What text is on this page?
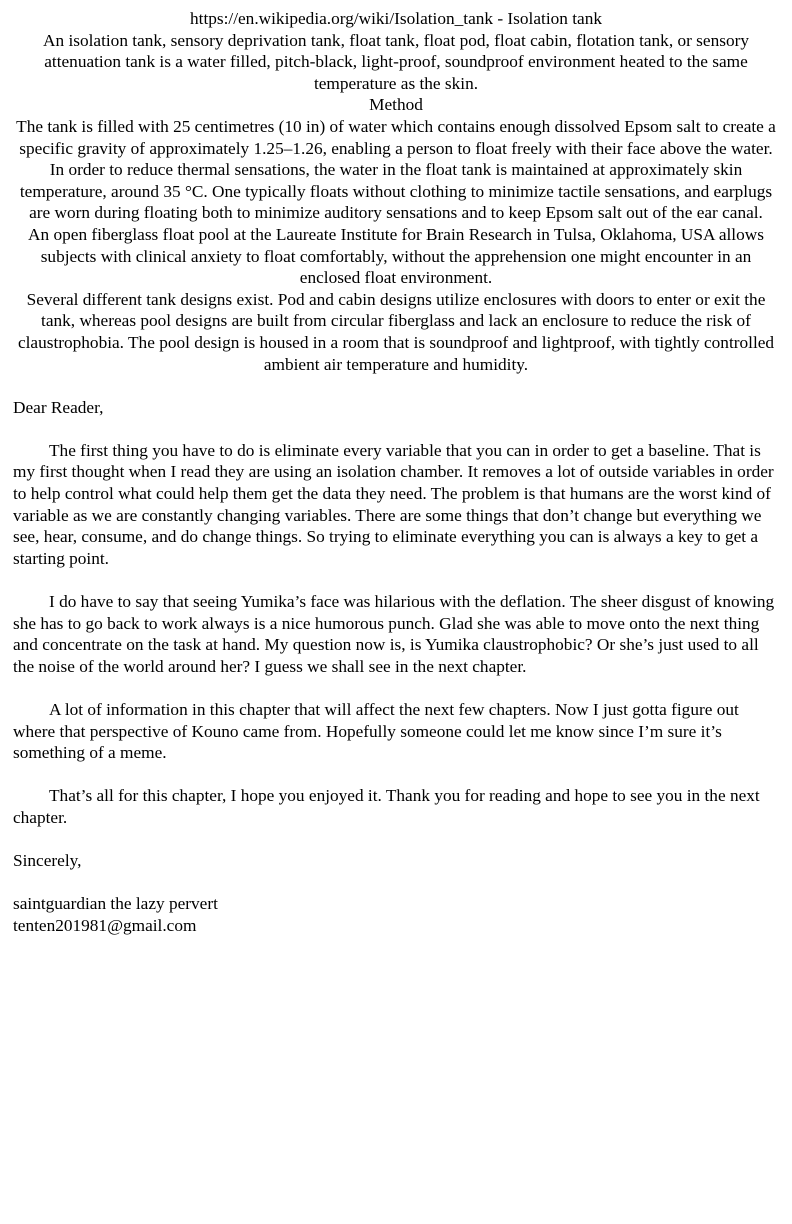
https://en.wikipedia.org/wiki/Isolation_tank - Isolation tank

An isolation tank, sensory deprivation tank, float tank, float pod, float cabin, flotation tank, or sensory attenuation tank is a water filled, pitch-black, light-proof, soundproof environment heated to the same temperature as the skin.

Method

The tank is filled with 25 centimetres (10 in) of water which contains enough dissolved Epsom salt to create a specific gravity of approximately 1.25–1.26, enabling a person to float freely with their face above the water. In order to reduce thermal sensations, the water in the float tank is maintained at approximately skin temperature, around 35 °C. One typically floats without clothing to minimize tactile sensations, and earplugs are worn during floating both to minimize auditory sensations and to keep Epsom salt out of the ear canal.

An open fiberglass float pool at the Laureate Institute for Brain Research in Tulsa, Oklahoma, USA allows subjects with clinical anxiety to float comfortably, without the apprehension one might encounter in an enclosed float environment.

Several different tank designs exist. Pod and cabin designs utilize enclosures with doors to enter or exit the tank, whereas pool designs are built from circular fiberglass and lack an enclosure to reduce the risk of claustrophobia. The pool design is housed in a room that is soundproof and lightproof, with tightly controlled ambient air temperature and humidity.

Dear Reader,

The first thing you have to do is eliminate every variable that you can in order to get a baseline. That is my first thought when I read they are using an isolation chamber. It removes a lot of outside variables in order to help control what could help them get the data they need. The problem is that humans are the worst kind of variable as we are constantly changing variables. There are some things that don’t change but everything we see, hear, consume, and do change things. So trying to eliminate everything you can is always a key to get a starting point.

I do have to say that seeing Yumika’s face was hilarious with the deflation. The sheer disgust of knowing she has to go back to work always is a nice humorous punch. Glad she was able to move onto the next thing and concentrate on the task at hand. My question now is, is Yumika claustrophobic? Or she’s just used to all the noise of the world around her? I guess we shall see in the next chapter.

A lot of information in this chapter that will affect the next few chapters. Now I just gotta figure out where that perspective of Kouno came from. Hopefully someone could let me know since I’m sure it’s something of a meme.

That’s all for this chapter, I hope you enjoyed it. Thank you for reading and hope to see you in the next chapter.

Sincerely,

saintguardian the lazy pervert

tenten201981@gmail.com
